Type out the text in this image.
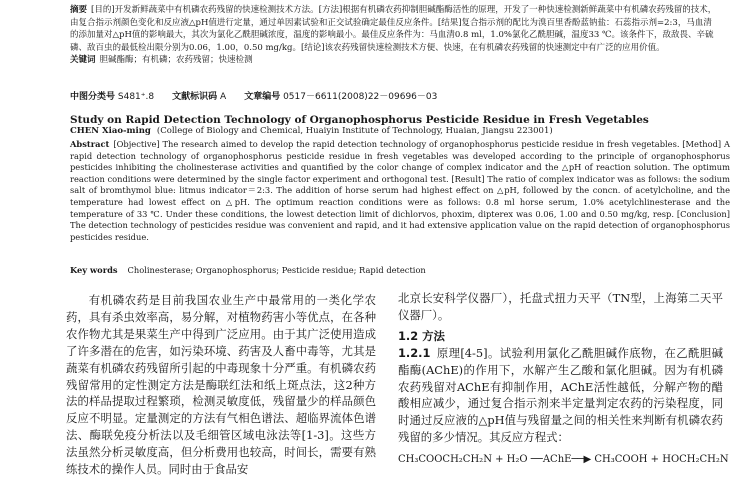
摘要 [目的]开发新鲜蔬菜中有机磷农药残留的快速检测技术方法。[方法]根据有机磷农药抑制胆碱酯酶活性的原理，开发了一种快速检测新鲜蔬菜中有机磷农药残留的技术，由复合指示剂颜色变化和反应液△pH值进行定量，通过单因素试验和正交试验确定最佳反应条件。[结果]复合指示剂的配比为溴百里香酚蓝钠盐：石蕊指示剂=2:3，马血清的添加量对△pH值的影响最大，其次为氯化乙酰胆碱浓度，温度的影响最小。最佳反应条件为：马血清0.8 ml，1.0%氯化乙酰胆碱，温度33 ℃。该条件下，敌敌畏、辛硫磷、敌百虫的最低检出限分别为0.06，1.00，0.50 mg/kg。[结论]该农药残留快速检测技术方便、快速，在有机磷农药残留的快速测定中有广泛的应用价值。
关键词 胆碱酯酶；有机磷；农药残留；快速检测
中图分类号 S481⁺.8 文献标识码 A 文章编号 0517－6611(2008)22－09696－03
Study on Rapid Detection Technology of Organophosphorus Pesticide Residue in Fresh Vegetables
CHEN Xiao-ming (College of Biology and Chemical, Huaiyin Institute of Technology, Huaian, Jiangsu 223001)
Abstract [Objective] The research aimed to develop the rapid detection technology of organophosphorus pesticide residue in fresh vegetables. [Method] A rapid detection technology of organophosphorus pesticide residue in fresh vegetables was developed according to the principle of organophosphorus pesticides inhibiting the cholinesterase activities and quantified by the color change of complex indicator and the △pH of reaction solution. The optimum reaction conditions were determined by the single factor experiment and orthogonal test. [Result] The ratio of complex indicator was as follows: the sodium salt of bromthymol blue: litmus indicator＝2:3. The addition of horse serum had highest effect on △pH, followed by the concn. of acetylcholine, and the temperature had lowest effect on △pH. The optimum reaction conditions were as follows: 0.8 ml horse serum, 1.0% acetylchlinesterase and the temperature of 33 ℃. Under these conditions, the lowest detection limit of dichlorvos, phoxim, dipterex was 0.06, 1.00 and 0.50 mg/kg, resp. [Conclusion] The detection technology of pesticides residue was convenient and rapid, and it had extensive application value on the rapid detection of organophosphorus pesticides residue.
Key words Cholinesterase; Organophosphorus; Pesticide residue; Rapid detection

有机磷农药是目前我国农业生产中最常用的一类化学农药，具有杀虫效率高，易分解，对植物药害小等优点，在各种农作物尤其是果菜生产中得到广泛应用。由于其广泛使用造成了许多潜在的危害，如污染环境、药害及人畜中毒等，尤其是蔬菜有机磷农药残留所引起的中毒现象十分严重。有机磷农药残留常用的定性测定方法是酶联红法和纸上斑点法，这2种方法的样品提取过程繁琐，检测灵敏度低，残留量少的样品颜色反应不明显。定量测定的方法有气相色谱法、超临界流体色谱法、酶联免疫分析法以及毛细管区域电泳法等[1-3]。这些方法虽然分析灵敏度高，但分析费用也较高，时间长，需要有熟练技术的操作人员。同时由于食品安

北京长安科学仪器厂），托盘式扭力天平（TN型，上海第二天平仪器厂）。

1.2 方法

1.2.1 原理[4-5]。试验利用氯化乙酰胆碱作底物，在乙酰胆碱酯酶(AChE)的作用下，水解产生乙酸和氯化胆碱。因为有机磷农药残留对AChE有抑制作用，AChE活性越低，分解产物的醋酸相应减少，通过复合指示剂来半定量判定农药的污染程度，同时通过反应液的△pH值与残留量之间的相关性来判断有机磷农药残留的多少情况。其反应方程式：

CH₃COOCH₂CH₂N + H₂O ──AChE──▶ CH₃COOH + HOCH₂CH₂N
